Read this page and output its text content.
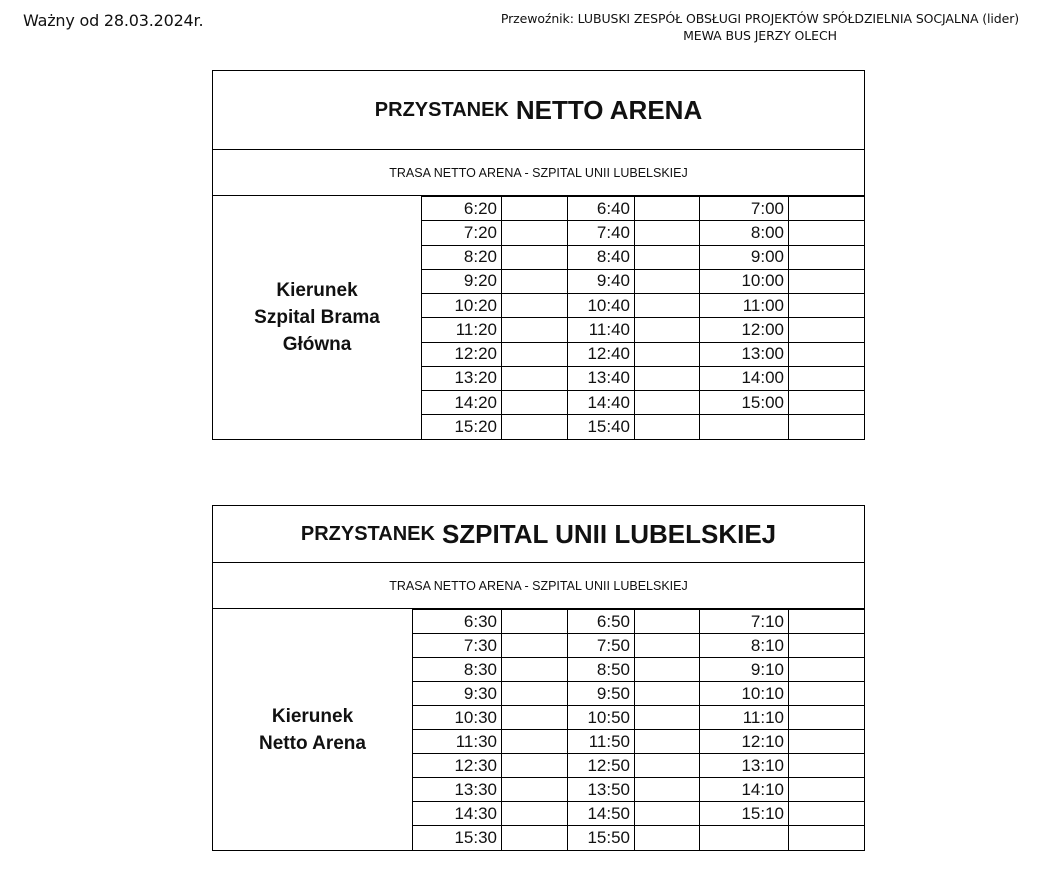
Ważny od 28.03.2024r.	Przewoźnik: LUBUSKI ZESPÓŁ OBSŁUGI PROJEKTÓW SPÓŁDZIELNIA SOCJALNA (lider)
MEWA BUS JERZY OLECH
PRZYSTANEK NETTO ARENA
TRASA NETTO ARENA - SZPITAL UNII LUBELSKIEJ
Kierunek
Szpital Brama
Główna
6:20		6:40		7:00	
7:20		7:40		8:00	
8:20		8:40		9:00	
9:20		9:40		10:00	
10:20		10:40		11:00	
11:20		11:40		12:00	
12:20		12:40		13:00	
13:20		13:40		14:00	
14:20		14:40		15:00	
15:20		15:40			
PRZYSTANEK SZPITAL UNII LUBELSKIEJ
TRASA NETTO ARENA - SZPITAL UNII LUBELSKIEJ
Kierunek
Netto Arena
6:30		6:50		7:10	
7:30		7:50		8:10	
8:30		8:50		9:10	
9:30		9:50		10:10	
10:30		10:50		11:10	
11:30		11:50		12:10	
12:30		12:50		13:10	
13:30		13:50		14:10	
14:30		14:50		15:10	
15:30		15:50			
